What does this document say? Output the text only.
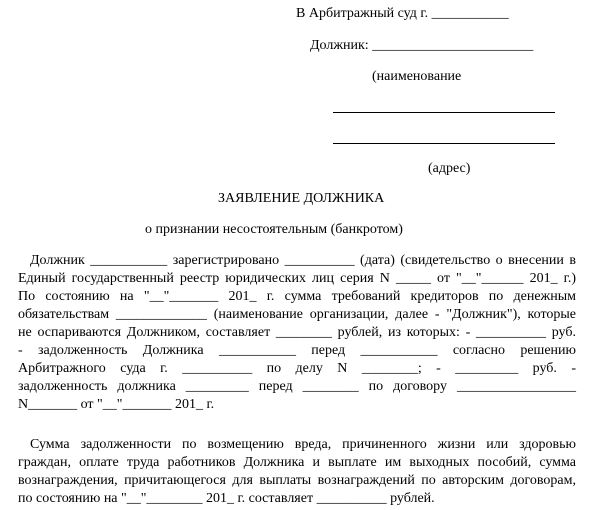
В Арбитражный суд г. ___________
Должник: _______________________
(наименование
(адрес)
ЗАЯВЛЕНИЕ ДОЛЖНИКА
о признании несостоятельным (банкротом)
Должник ___________ зарегистрировано __________ (дата) (свидетельство о внесении в
Единый государственный реестр юридических лиц серия N _____ от "__"______ 201_ г.)
По состоянию на "__"_______ 201_ г. сумма требований кредиторов по денежным
обязательствам _____________ (наименование организации, далее - "Должник"), которые
не оспариваются Должником, составляет ________ рублей, из которых: - __________ руб.
- задолженность Должника ___________ перед ___________ согласно решению
Арбитражного суда г. __________ по делу N ________; - _________ руб. -
задолженность должника _________ перед ________ по договору _________________
N_______ от "__"_______ 201_ г.
Сумма задолженности по возмещению вреда, причиненного жизни или здоровью
граждан, оплате труда работников Должника и выплате им выходных пособий, сумма
вознаграждения, причитающегося для выплаты вознаграждений по авторским договорам,
по состоянию на "__"________ 201_ г. составляет __________ рублей.
